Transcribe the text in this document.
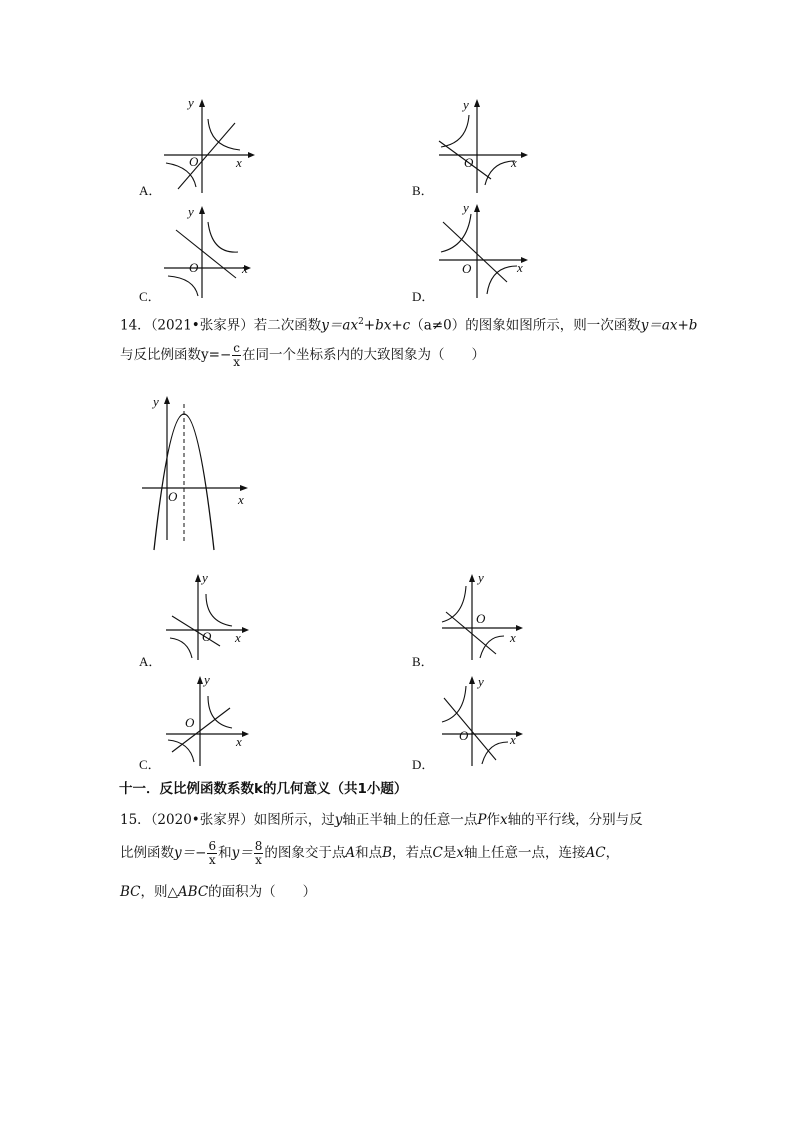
y
x
O
A．
y
x
O
B．
y
x
O
C．
y
x
O
D．
14．（2021•张家界）若二次函数$y=ax^2+bx+c(a\ne 0)$的图象如图所示，则一次函数y＝ax+b
与反比例函数$y=- \frac{c}{x}$ 在同一个坐标系内的大致图象为（　　）
y
x
O
y
x
O
A．
y
x
O
B．
y
x
O
C．
y
x
O
D．
十一．反比例函数系数k的几何意义（共1小题）
15．（2020•张家界）如图所示，过y轴正半轴上的任意一点P作x轴的平行线，分别与反
比例函数$y=- \frac{6}{x}$ 和$y= \frac{8}{x}$ 的图象交于点A和点B，若点C是x轴上任意一点，连接AC，
BC，则△ABC的面积为（　　）
